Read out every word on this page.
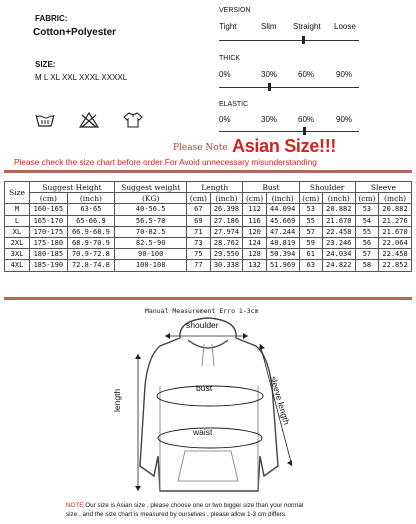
FABRIC:
Cotton+Polyester
SIZE:
M L XL XXL XXXL XXXXL
VERSION
Tight	Slim Straight Loose
THICK
0%	30%	60%	90%
ELASTIC
0%	30%	60%	90%
Please Note Asian Size!!!
Please check the size chart before order For Avoid unnecessary misunderstanding
Size	Suggest Height		Suggest weight	Length		Bust		Shoulder		Sleeve	
	(cm)	(inch)	(KG)	(cm)	(inch)	(cm)	(inch)	(cm)	(inch)	(cm)	(inch)
M	160-165	63-65	40-56.5	67	26.398	112	44.094	53	20.882	53	20.882
L	165-170	65-66.9	56.5-70	69	27.186	116	45.669	55	21.670	54	21.276
XL	170-175	66.9-68.9	70-82.5	71	27.974	120	47.244	57	22.458	55	21.670
2XL	175-180	68.9-70.9	82.5-90	73	28.762	124	48.819	59	23.246	56	22.064
3XL	180-185	70.9-72.8	90-100	75	29.550	128	50.394	61	24.034	57	22.458
4XL	185-190	72.8-74.8	100-108	77	30.338	132	51.969	63	24.822	58	22.852
Manual Measurement Erro 1-3cm
shoulder
bust
waist
length	sleeve length
NOTE:Our size is Asian size , please choose one or two bigger size than your normal
size , and the size chart is measured by ourselves , please allow 1-3 cm differs.
